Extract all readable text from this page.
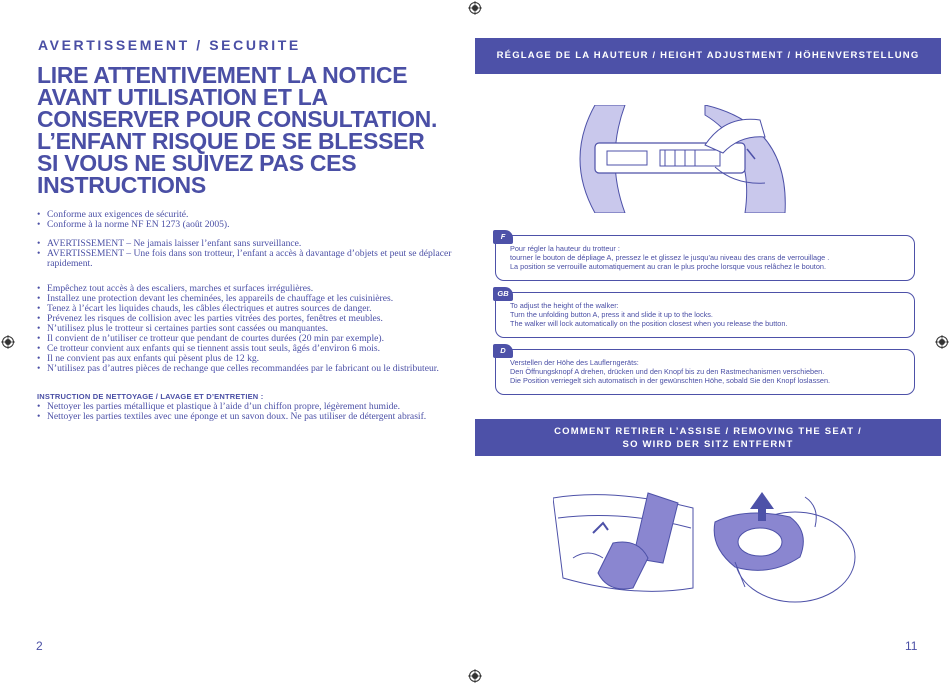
AVERTISSEMENT / SECURITE
LIRE ATTENTIVEMENT LA NOTICE
AVANT UTILISATION ET LA
CONSERVER POUR CONSULTATION.
L’ENFANT RISQUE DE SE BLESSER
SI VOUS NE SUIVEZ PAS CES
INSTRUCTIONS
• Conforme aux exigences de sécurité.
• Conforme à la norme NF EN 1273 (août 2005).
• AVERTISSEMENT – Ne jamais laisser l’enfant sans surveillance.
• AVERTISSEMENT – Une fois dans son trotteur, l’enfant a accès à davantage d’objets et peut se déplacer rapidement.
• Empêchez tout accès à des escaliers, marches et surfaces irrégulières.
• Installez une protection devant les cheminées, les appareils de chauffage et les cuisinières.
• Tenez à l’écart les liquides chauds, les câbles électriques et autres sources de danger.
• Prévenez les risques de collision avec les parties vitrées des portes, fenêtres et meubles.
• N’utilisez plus le trotteur si certaines parties sont cassées ou manquantes.
• Il convient de n’utiliser ce trotteur que pendant de courtes durées (20 min par exemple).
• Ce trotteur convient aux enfants qui se tiennent assis tout seuls, âgés d’environ 6 mois.
• Il ne convient pas aux enfants qui pèsent plus de 12 kg.
• N’utilisez pas d’autres pièces de rechange que celles recommandées par le fabricant ou le distributeur.
INSTRUCTION DE NETTOYAGE / LAVAGE ET D’ENTRETIEN :
• Nettoyer les parties métallique et plastique à l’aide d’un chiffon propre, légèrement humide.
• Nettoyer les parties textiles avec une éponge et un savon doux. Ne pas utiliser de détergent abrasif.
2
RÉGLAGE DE LA HAUTEUR / HEIGHT ADJUSTMENT / HÖHENVERSTELLUNG
F
Pour régler la hauteur du trotteur :
tourner le bouton de dépliage A, pressez le et glissez le jusqu’au niveau des crans de verrouillage .
La position se verrouille automatiquement au cran le plus proche lorsque vous relâchez le bouton.
GB
To adjust the height of the walker:
Turn the unfolding button A, press it and slide it up to the locks.
The walker will lock automatically on the position closest when you release the button.
D
Verstellen der Höhe des Laufleгngeräts:
Den Öffnungsknopf A drehen, drücken und den Knopf bis zu den Rastmechanismen verschieben.
Die Position verriegelt sich automatisch in der gewünschten Höhe, sobald Sie den Knopf loslassen.
COMMENT RETIRER L’ASSISE / REMOVING THE SEAT /
SO WIRD DER SITZ ENTFERNT
11
